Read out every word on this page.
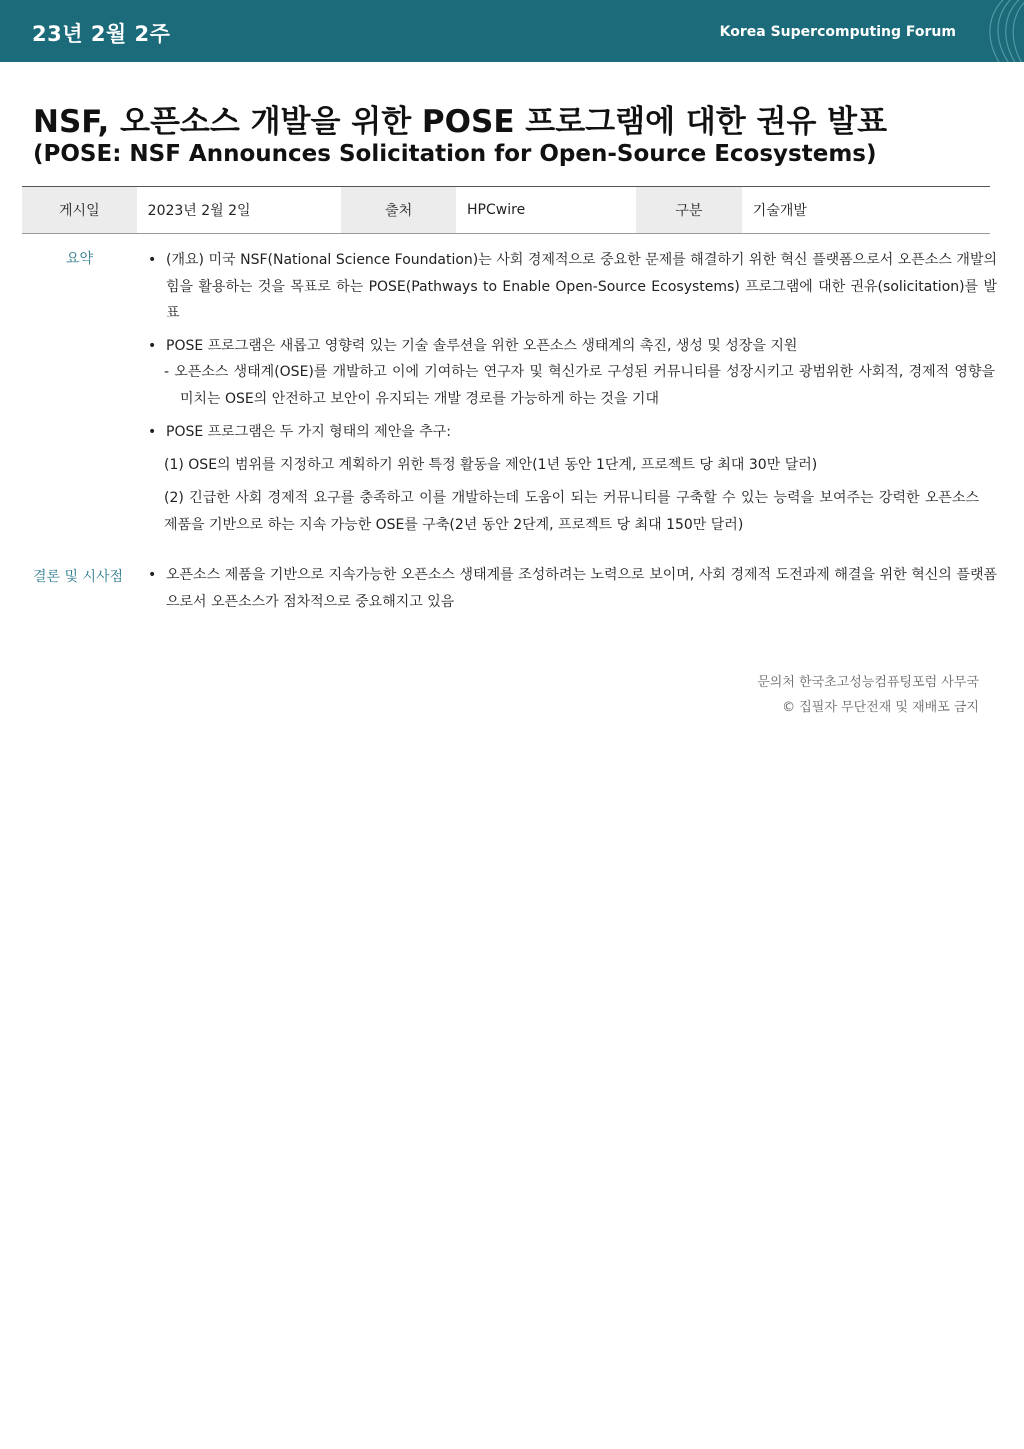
23년 2월 2주	Korea Supercomputing Forum
NSF, 오픈소스 개발을 위한 POSE 프로그램에 대한 권유 발표
(POSE: NSF Announces Solicitation for Open-Source Ecosystems)
게시일	2023년 2월 2일	출처	HPCwire	구분	기술개발
요약	• (개요) 미국 NSF(National Science Foundation)는 사회 경제적으로 중요한 문제를 해결하기 위한 혁신 플랫폼으로서 오픈소스 개발의 힘을 활용하는 것을 목표로 하는 POSE(Pathways to Enable Open-Source Ecosystems) 프로그램에 대한 권유(solicitation)를 발표
• POSE 프로그램은 새롭고 영향력 있는 기술 솔루션을 위한 오픈소스 생태계의 촉진, 생성 및 성장을 지원
- 오픈소스 생태계(OSE)를 개발하고 이에 기여하는 연구자 및 혁신가로 구성된 커뮤니티를 성장시키고 광범위한 사회적, 경제적 영향을 미치는 OSE의 안전하고 보안이 유지되는 개발 경로를 가능하게 하는 것을 기대
• POSE 프로그램은 두 가지 형태의 제안을 추구:
(1) OSE의 범위를 지정하고 계획하기 위한 특정 활동을 제안(1년 동안 1단계, 프로젝트 당 최대 30만 달러)
(2) 긴급한 사회 경제적 요구를 충족하고 이를 개발하는데 도움이 되는 커뮤니티를 구축할 수 있는 능력을 보여주는 강력한 오픈소스 제품을 기반으로 하는 지속 가능한 OSE를 구축(2년 동안 2단계, 프로젝트 당 최대 150만 달러)
결론 및 시사점	• 오픈소스 제품을 기반으로 지속가능한 오픈소스 생태계를 조성하려는 노력으로 보이며, 사회 경제적 도전과제 해결을 위한 혁신의 플랫폼으로서 오픈소스가 점차적으로 중요해지고 있음
문의처 한국초고성능컴퓨팅포럼 사무국
© 집필자 무단전재 및 재배포 금지
